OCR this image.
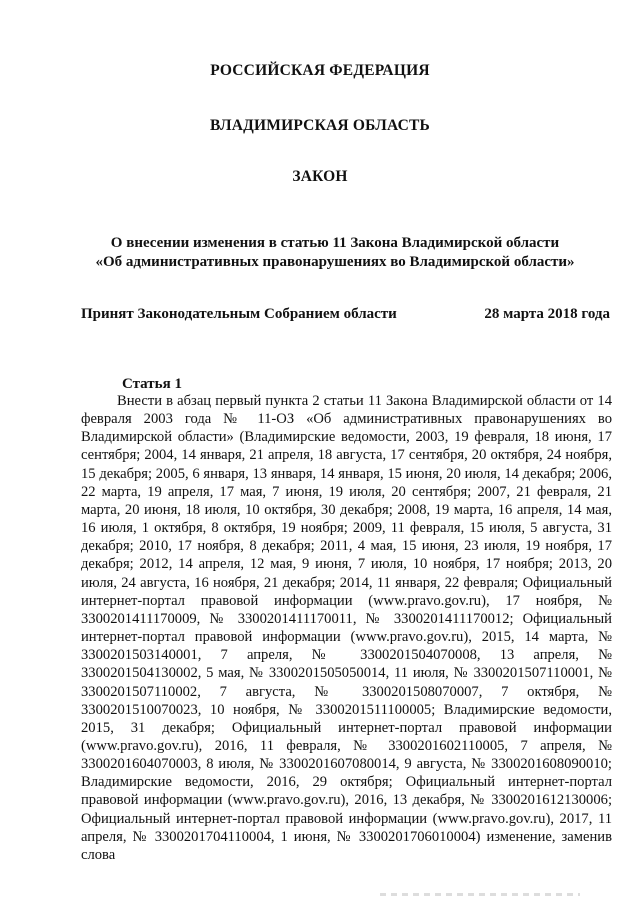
РОССИЙСКАЯ ФЕДЕРАЦИЯ
ВЛАДИМИРСКАЯ ОБЛАСТЬ
ЗАКОН
О внесении изменения в статью 11 Закона Владимирской области
«Об административных правонарушениях во Владимирской области»
Принят Законодательным Собранием области	28 марта 2018 года
Статья 1

Внести в абзац первый пункта 2 статьи 11 Закона Владимирской области от 14 февраля 2003 года № 11-ОЗ «Об административных правонарушениях во Владимирской области» (Владимирские ведомости, 2003, 19 февраля, 18 июня, 17 сентября; 2004, 14 января, 21 апреля, 18 августа, 17 сентября, 20 октября, 24 ноября, 15 декабря; 2005, 6 января, 13 января, 14 января, 15 июня, 20 июля, 14 декабря; 2006, 22 марта, 19 апреля, 17 мая, 7 июня, 19 июля, 20 сентября; 2007, 21 февраля, 21 марта, 20 июня, 18 июля, 10 октября, 30 декабря; 2008, 19 марта, 16 апреля, 14 мая, 16 июля, 1 октября, 8 октября, 19 ноября; 2009, 11 февраля, 15 июля, 5 августа, 31 декабря; 2010, 17 ноября, 8 декабря; 2011, 4 мая, 15 июня, 23 июля, 19 ноября, 17 декабря; 2012, 14 апреля, 12 мая, 9 июня, 7 июля, 10 ноября, 17 ноября; 2013, 20 июля, 24 августа, 16 ноября, 21 декабря; 2014, 11 января, 22 февраля; Официальный интернет-портал правовой информации (www.pravo.gov.ru), 17 ноября, № 3300201411170009, № 3300201411170011, № 3300201411170012; Официальный интернет-портал правовой информации (www.pravo.gov.ru), 2015, 14 марта, № 3300201503140001, 7 апреля, № 3300201504070008, 13 апреля, № 3300201504130002, 5 мая, № 3300201505050014, 11 июля, № 3300201507110001, № 3300201507110002, 7 августа, № 3300201508070007, 7 октября, № 3300201510070023, 10 ноября, № 3300201511100005; Владимирские ведомости, 2015, 31 декабря; Официальный интернет-портал правовой информации (www.pravo.gov.ru), 2016, 11 февраля, № 3300201602110005, 7 апреля, № 3300201604070003, 8 июля, № 3300201607080014, 9 августа, № 3300201608090010; Владимирские ведомости, 2016, 29 октября; Официальный интернет-портал правовой информации (www.pravo.gov.ru), 2016, 13 декабря, № 3300201612130006; Официальный интернет-портал правовой информации (www.pravo.gov.ru), 2017, 11 апреля, № 3300201704110004, 1 июня, № 3300201706010004) изменение, заменив слова
